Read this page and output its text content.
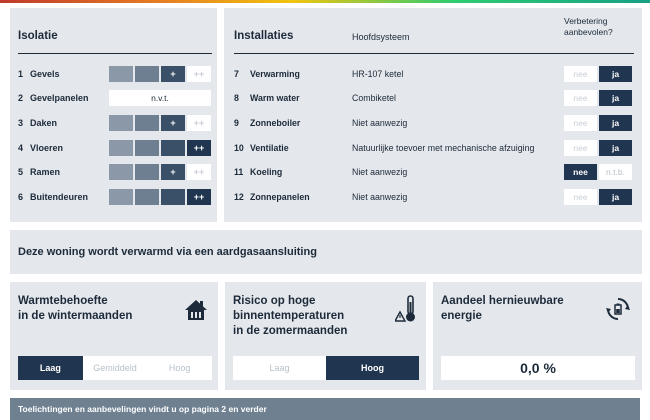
Isolatie
1 Gevels	+	++
2 Gevelpanelen	n.v.t.
3 Daken	+	++
4 Vloeren	++
5 Ramen	+	++
6 Buitendeuren	++
Installaties	Hoofdsysteem
Verbetering
aanbevolen?
7	Verwarming	HR-107 ketel	nee	ja
8	Warm water	Combiketel	nee	ja
9	Zonneboiler	Niet aanwezig	nee	ja
10 Ventilatie	Natuurlijke toevoer met mechanische afzuiging	nee	ja
11 Koeling	Niet aanwezig	nee	n.t.b.
12 Zonnepanelen	Niet aanwezig	nee	ja
Deze woning wordt verwarmd via een aardgasaansluiting
Warmtebehoefte
in de wintermaanden
Laag	Gemiddeld	Hoog
Risico op hoge
binnentemperaturen
in de zomermaanden
Laag	Hoog
Aandeel hernieuwbare
energie
0,0 %
Toelichtingen en aanbevelingen vindt u op pagina 2 en verder
